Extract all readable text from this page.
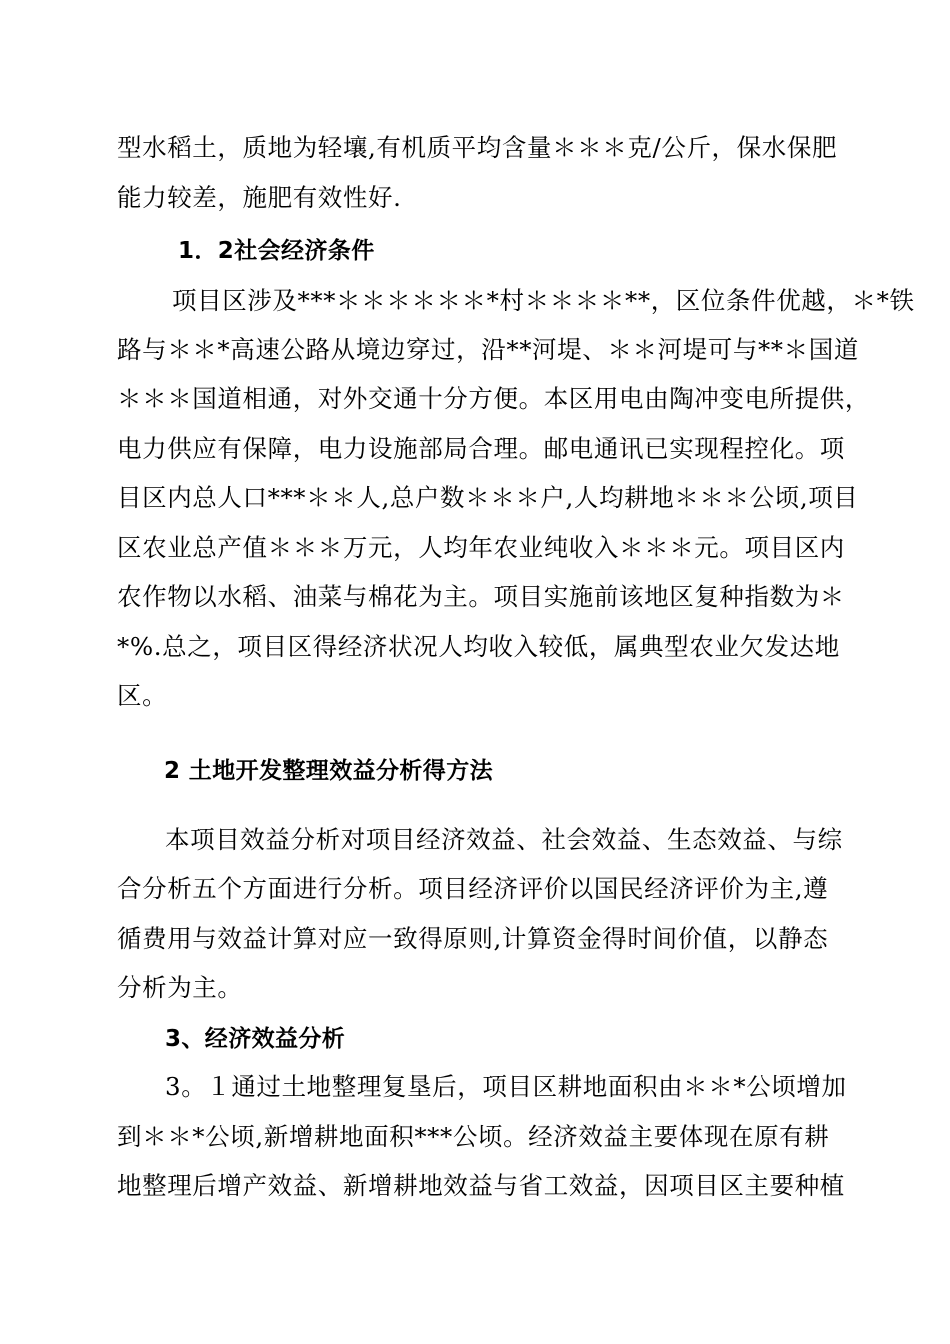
型水稻土，质地为轻壤,有机质平均含量＊＊＊克/公斤，保水保肥
能力较差，施肥有效性好.
1．2社会经济条件
项目区涉及***＊＊＊＊＊＊*村＊＊＊＊**，区位条件优越，＊*铁
路与＊＊*高速公路从境边穿过，沿**河堤、＊＊河堤可与**＊国道
＊＊＊国道相通，对外交通十分方便。本区用电由陶冲变电所提供，
电力供应有保障，电力设施部局合理。邮电通讯已实现程控化。项
目区内总人口***＊＊人,总户数＊＊＊户,人均耕地＊＊＊公顷,项目
区农业总产值＊＊＊万元，人均年农业纯收入＊＊＊元。项目区内
农作物以水稻、油菜与棉花为主。项目实施前该地区复种指数为＊
*%.总之，项目区得经济状况人均收入较低，属典型农业欠发达地
区。
2 土地开发整理效益分析得方法
本项目效益分析对项目经济效益、社会效益、生态效益、与综
合分析五个方面进行分析。项目经济评价以国民经济评价为主,遵
循费用与效益计算对应一致得原则,计算资金得时间价值，以静态
分析为主。
3、经济效益分析
3。１通过土地整理复垦后，项目区耕地面积由＊＊*公顷增加
到＊＊*公顷,新增耕地面积***公顷。经济效益主要体现在原有耕
地整理后增产效益、新增耕地效益与省工效益，因项目区主要种植
